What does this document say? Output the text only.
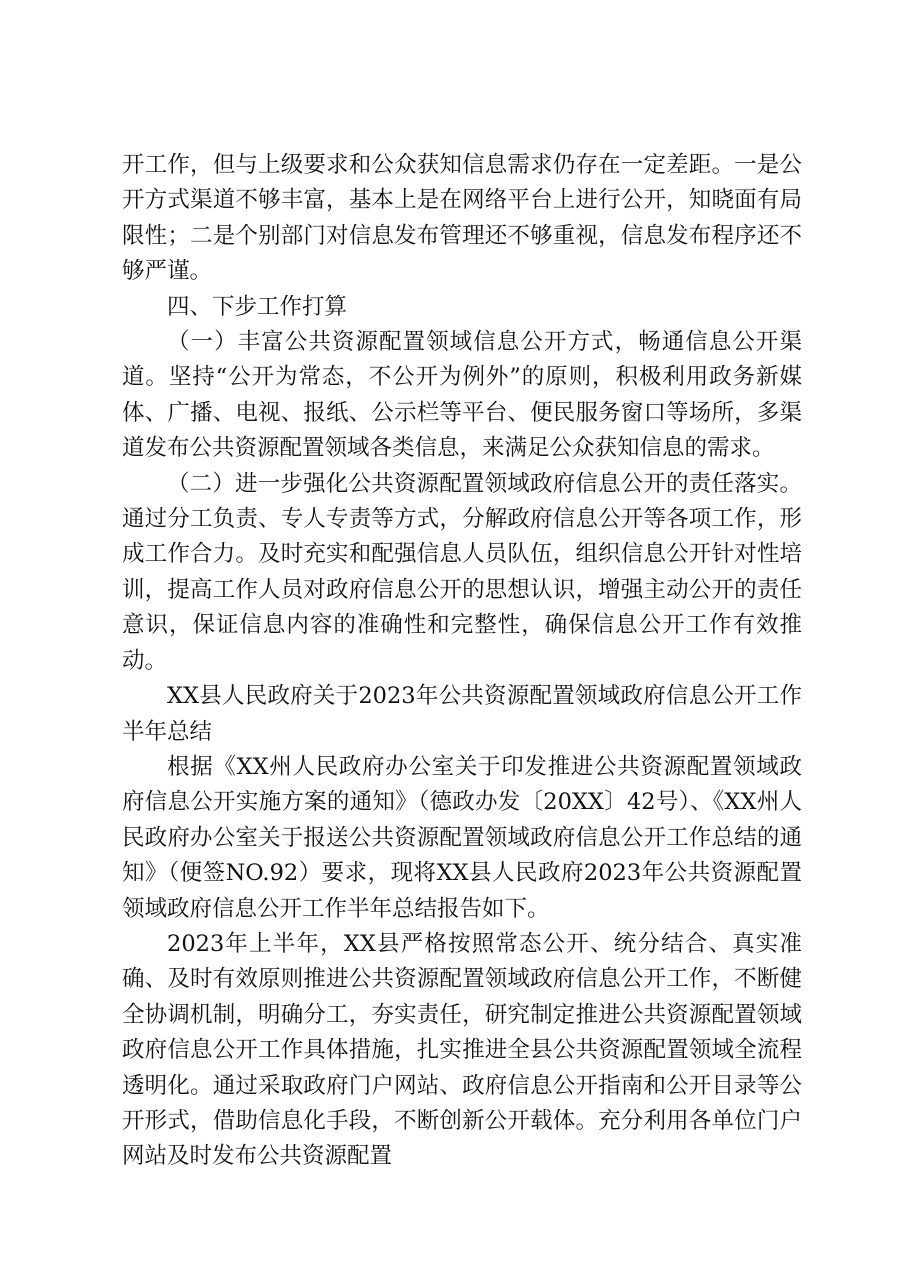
开工作，但与上级要求和公众获知信息需求仍存在一定差距。一是公开方式渠道不够丰富，基本上是在网络平台上进行公开，知晓面有局限性；二是个别部门对信息发布管理还不够重视，信息发布程序还不够严谨。

四、下步工作打算

（一）丰富公共资源配置领域信息公开方式，畅通信息公开渠道。坚持“公开为常态，不公开为例外”的原则，积极利用政务新媒体、广播、电视、报纸、公示栏等平台、便民服务窗口等场所，多渠道发布公共资源配置领域各类信息，来满足公众获知信息的需求。

（二）进一步强化公共资源配置领域政府信息公开的责任落实。通过分工负责、专人专责等方式，分解政府信息公开等各项工作，形成工作合力。及时充实和配强信息人员队伍，组织信息公开针对性培训，提高工作人员对政府信息公开的思想认识，增强主动公开的责任意识，保证信息内容的准确性和完整性，确保信息公开工作有效推动。

XX县人民政府关于2023年公共资源配置领域政府信息公开工作半年总结

根据《XX州人民政府办公室关于印发推进公共资源配置领域政府信息公开实施方案的通知》（德政办发〔20XX〕42号）、《XX州人民政府办公室关于报送公共资源配置领域政府信息公开工作总结的通知》（便签NO.92）要求，现将XX县人民政府2023年公共资源配置领域政府信息公开工作半年总结报告如下。

2023年上半年，XX县严格按照常态公开、统分结合、真实准确、及时有效原则推进公共资源配置领域政府信息公开工作，不断健全协调机制，明确分工，夯实责任，研究制定推进公共资源配置领域政府信息公开工作具体措施，扎实推进全县公共资源配置领域全流程透明化。通过采取政府门户网站、政府信息公开指南和公开目录等公开形式，借助信息化手段，不断创新公开载体。充分利用各单位门户网站及时发布公共资源配置
